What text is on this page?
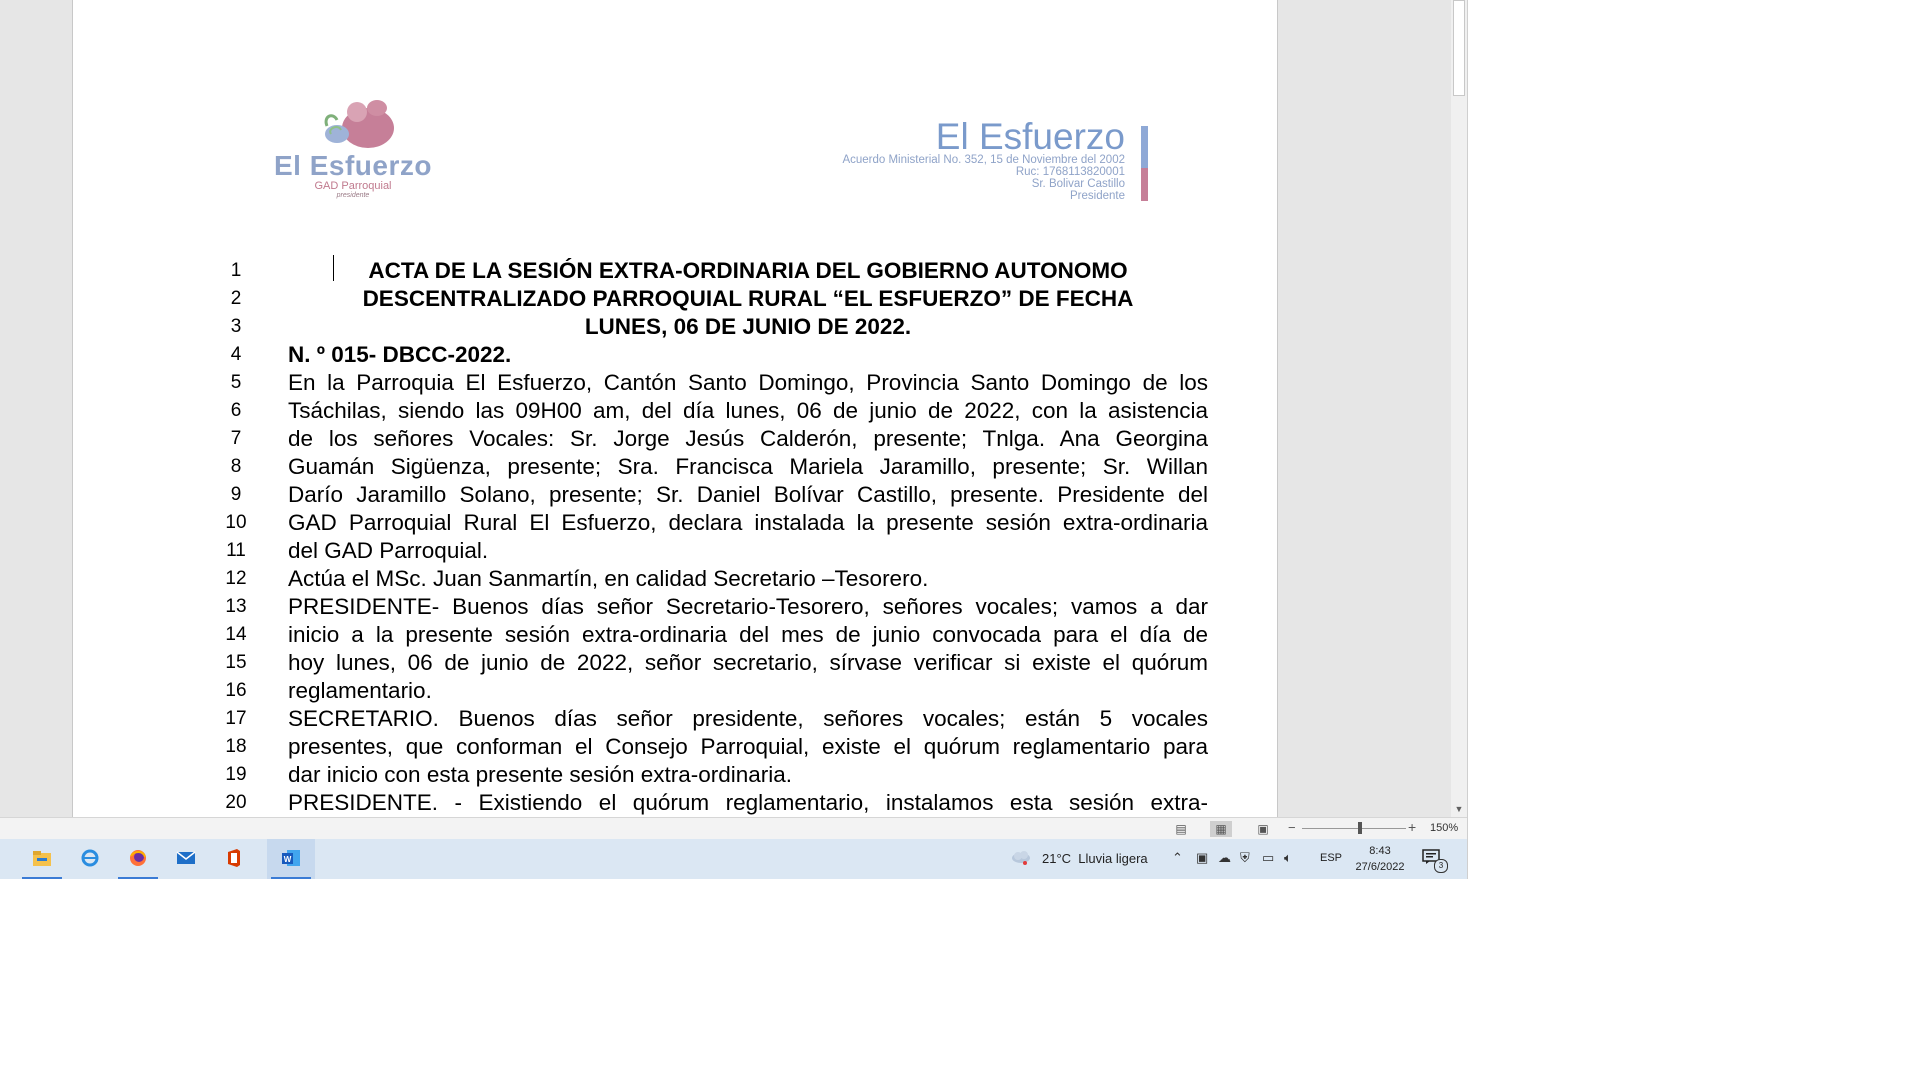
El Esfuerzo
GAD Parroquial
presidente
El Esfuerzo
Acuerdo Ministerial No. 352, 15 de Noviembre del 2002
Ruc: 1768113820001
Sr. Bolivar Castillo
Presidente
1
2
3
4
5
6
7
8
9
10
11
12
13
14
15
16
17
18
19
20
ACTA DE LA SESIÓN EXTRA-ORDINARIA DEL GOBIERNO AUTONOMO
DESCENTRALIZADO PARROQUIAL RURAL “EL ESFUERZO” DE FECHA
LUNES, 06 DE JUNIO DE 2022.
N. º 015- DBCC-2022.
En la Parroquia El Esfuerzo, Cantón Santo Domingo, Provincia Santo Domingo de los
Tsáchilas, siendo las 09H00 am, del día lunes, 06 de junio de 2022, con la asistencia
de los señores Vocales: Sr. Jorge Jesús Calderón, presente; Tnlga. Ana Georgina
Guamán Sigüenza, presente; Sra. Francisca Mariela Jaramillo, presente; Sr. Willan
Darío Jaramillo Solano, presente; Sr. Daniel Bolívar Castillo, presente. Presidente del
GAD Parroquial Rural El Esfuerzo, declara instalada la presente sesión extra-ordinaria
del GAD Parroquial.
Actúa el MSc. Juan Sanmartín, en calidad Secretario –Tesorero.
PRESIDENTE- Buenos días señor Secretario-Tesorero, señores vocales; vamos a dar
inicio a la presente sesión extra-ordinaria del mes de junio convocada para el día de
hoy lunes, 06 de junio de 2022, señor secretario, sírvase verificar si existe el quórum
reglamentario.
SECRETARIO. Buenos días señor presidente, señores vocales; están 5 vocales
presentes, que conforman el Consejo Parroquial, existe el quórum reglamentario para
dar inicio con esta presente sesión extra-ordinaria.
PRESIDENTE. - Existiendo el quórum reglamentario, instalamos esta sesión extra-	▼
▤	▦	▣	−	+ 150%
W	21°C Lluvia ligera ⌃ ▣ ☁ ⛨ ▭ 🔈︎	ESP
8:43
27/6/2022	3
